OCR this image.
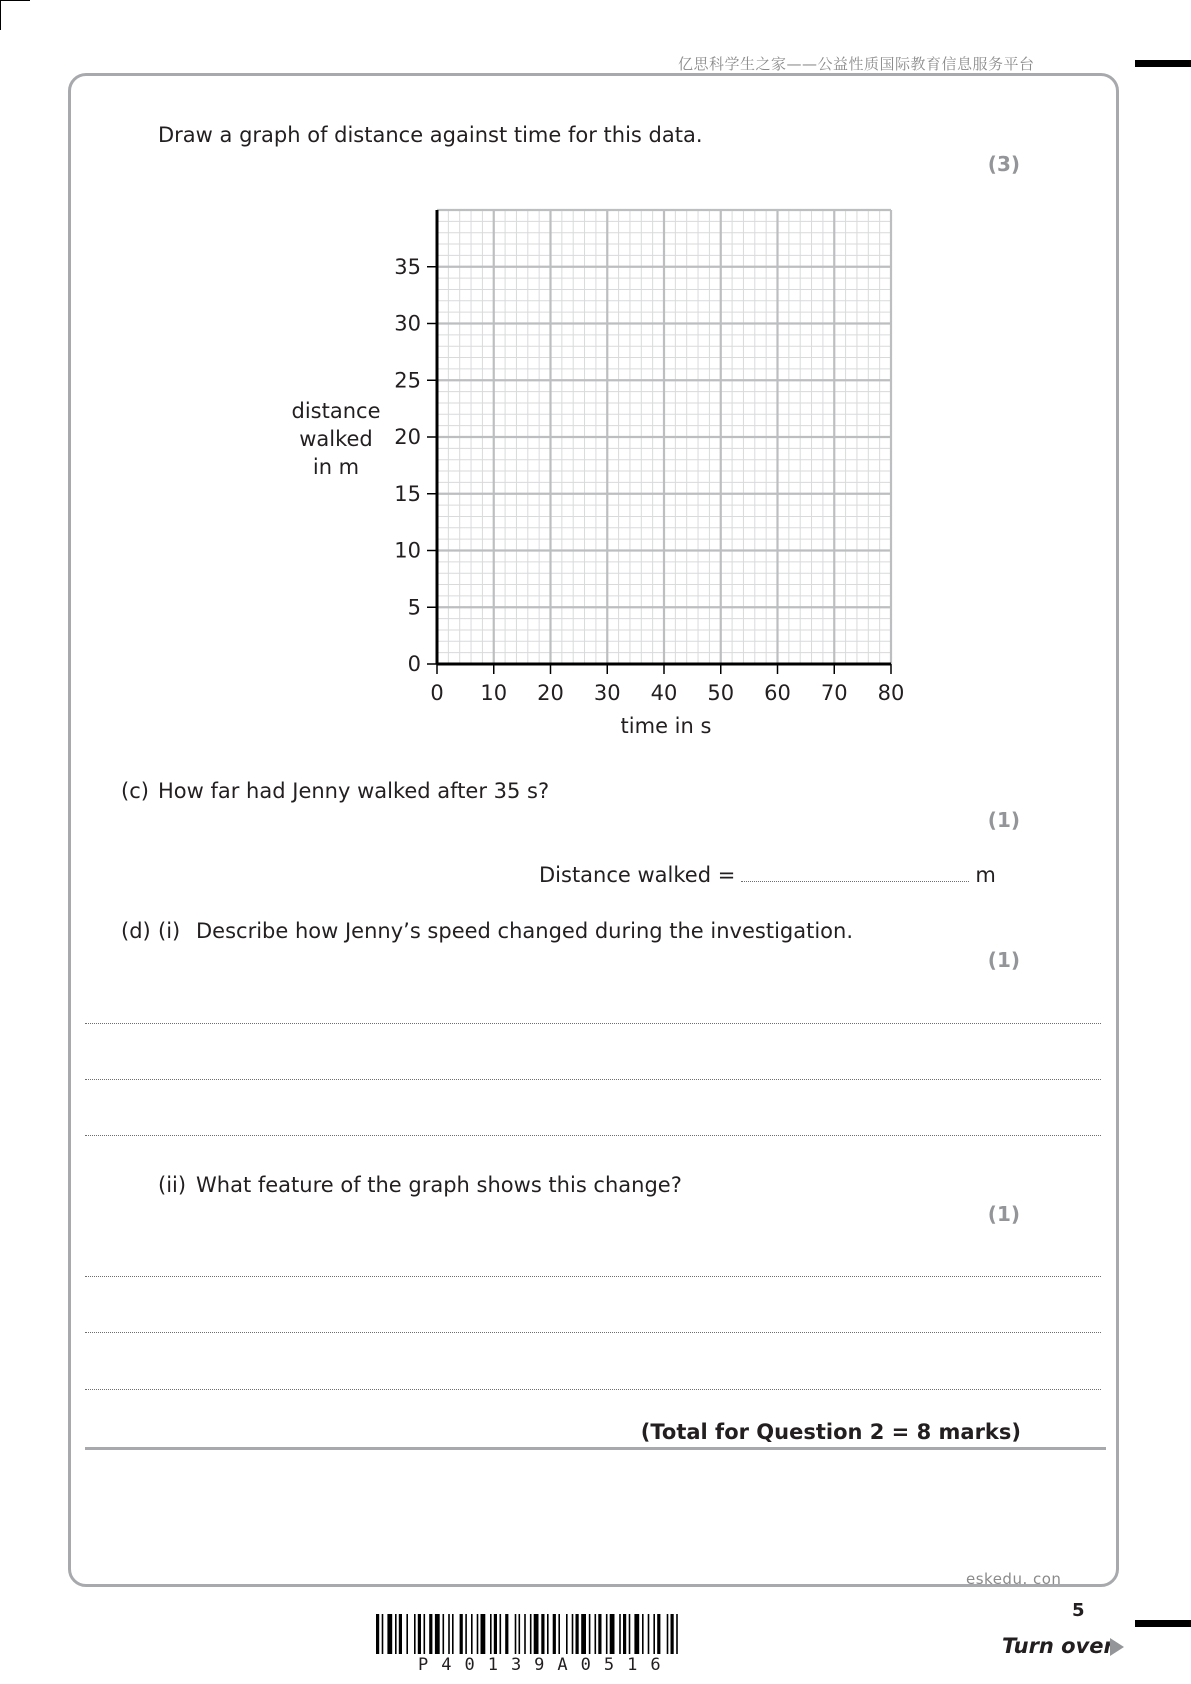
亿思科学生之家——公益性质国际教育信息服务平台
Draw a graph of distance against time for this data.
(3)
0 10 20 30 40 50 60 70 80
0
5
10
15
20
25
30
35
time in s
distance
walked
in m
(c) How far had Jenny walked after 35 s?
(1)
Distance walked =	m
(d) (i) Describe how Jenny’s speed changed during the investigation.
(1)
(ii) What feature of the graph shows this change?
(1)
(Total for Question 2 = 8 marks)
eskedu. con
5
Turn over
P40139A0516
